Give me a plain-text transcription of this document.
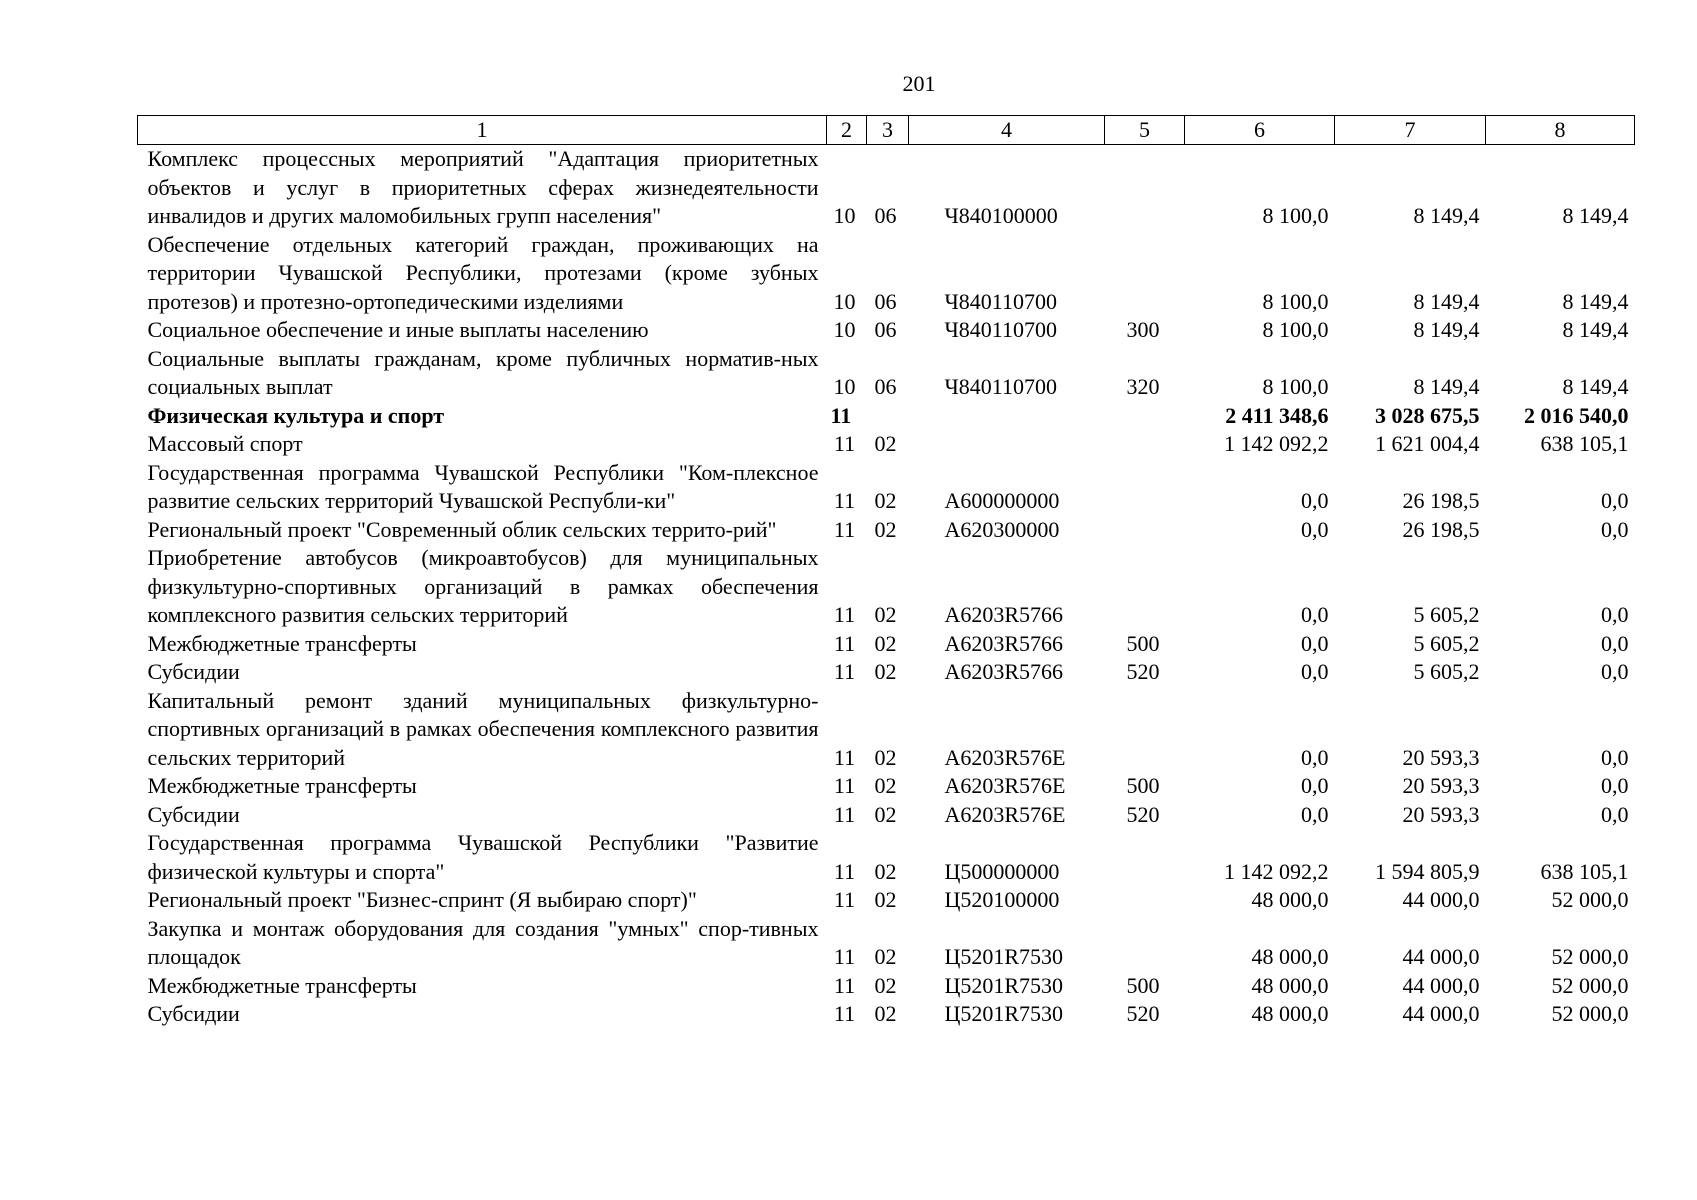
201
1	2	3	4	5	6	7	8
Комплекс процессных мероприятий "Адаптация приоритетных объектов и услуг в приоритетных сферах жизнедеятельности инвалидов и других маломобильных групп населения"	10	06	Ч840100000		8 100,0	8 149,4	8 149,4
Обеспечение отдельных категорий граждан, проживающих на территории Чувашской Республики, протезами (кроме зубных протезов) и протезно-ортопедическими изделиями	10	06	Ч840110700		8 100,0	8 149,4	8 149,4
Социальное обеспечение и иные выплаты населению	10	06	Ч840110700	300	8 100,0	8 149,4	8 149,4
Социальные выплаты гражданам, кроме публичных норматив-ных социальных выплат	10	06	Ч840110700	320	8 100,0	8 149,4	8 149,4
Физическая культура и спорт	11				2 411 348,6	3 028 675,5	2 016 540,0
Массовый спорт	11	02			1 142 092,2	1 621 004,4	638 105,1
Государственная программа Чувашской Республики "Ком-плексное развитие сельских территорий Чувашской Республи-ки"	11	02	А600000000		0,0	26 198,5	0,0
Региональный проект "Современный облик сельских террито-рий"	11	02	А620300000		0,0	26 198,5	0,0
Приобретение автобусов (микроавтобусов) для муниципальных физкультурно-спортивных организаций в рамках обеспечения комплексного развития сельских территорий	11	02	А6203R5766		0,0	5 605,2	0,0
Межбюджетные трансферты	11	02	А6203R5766	500	0,0	5 605,2	0,0
Субсидии	11	02	А6203R5766	520	0,0	5 605,2	0,0
Капитальный ремонт зданий муниципальных физкультурно-спортивных организаций в рамках обеспечения комплексного развития сельских территорий	11	02	А6203R576Е		0,0	20 593,3	0,0
Межбюджетные трансферты	11	02	А6203R576Е	500	0,0	20 593,3	0,0
Субсидии	11	02	А6203R576Е	520	0,0	20 593,3	0,0
Государственная программа Чувашской Республики "Развитие физической культуры и спорта"	11	02	Ц500000000		1 142 092,2	1 594 805,9	638 105,1
Региональный проект "Бизнес-спринт (Я выбираю спорт)"	11	02	Ц520100000		48 000,0	44 000,0	52 000,0
Закупка и монтаж оборудования для создания "умных" спор-тивных площадок	11	02	Ц5201R7530		48 000,0	44 000,0	52 000,0
Межбюджетные трансферты	11	02	Ц5201R7530	500	48 000,0	44 000,0	52 000,0
Субсидии	11	02	Ц5201R7530	520	48 000,0	44 000,0	52 000,0
